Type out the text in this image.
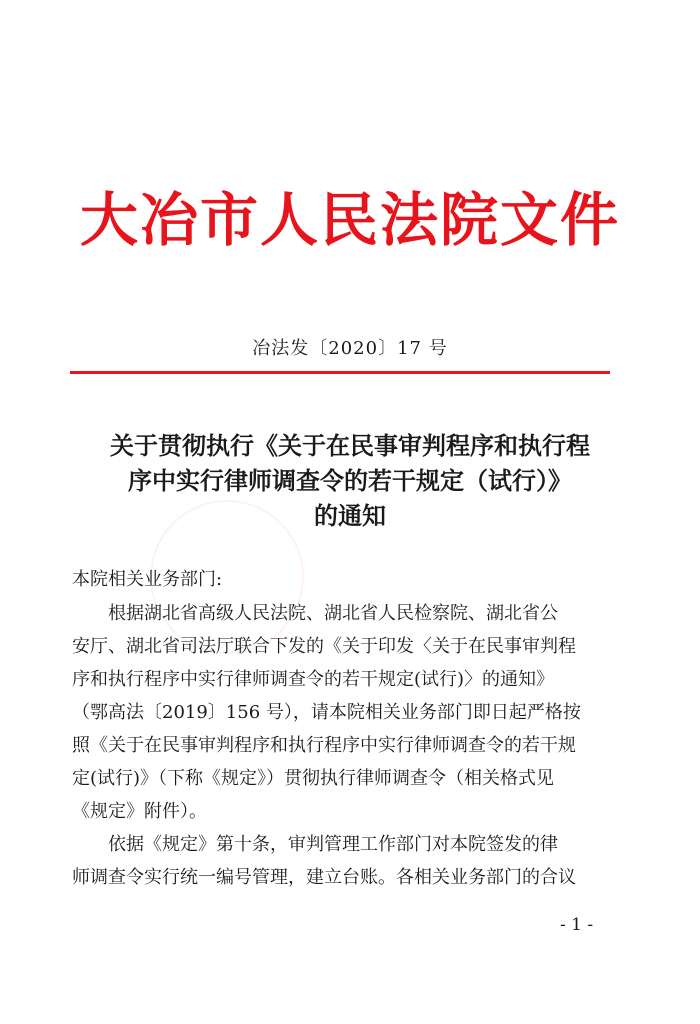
大冶市人民法院文件
冶法发〔2020〕17 号
关于贯彻执行《关于在民事审判程序和执行程
序中实行律师调查令的若干规定（试行）》
的通知
本院相关业务部门:
根据湖北省高级人民法院、湖北省人民检察院、湖北省公
安厅、湖北省司法厅联合下发的《关于印发〈关于在民事审判程
序和执行程序中实行律师调查令的若干规定(试行)〉的通知》
（鄂高法〔2019〕156 号），请本院相关业务部门即日起严格按
照《关于在民事审判程序和执行程序中实行律师调查令的若干规
定(试行)》（下称《规定》）贯彻执行律师调查令（相关格式见
《规定》附件）。
依据《规定》第十条，审判管理工作部门对本院签发的律
师调查令实行统一编号管理，建立台账。各相关业务部门的合议
- 1 -
